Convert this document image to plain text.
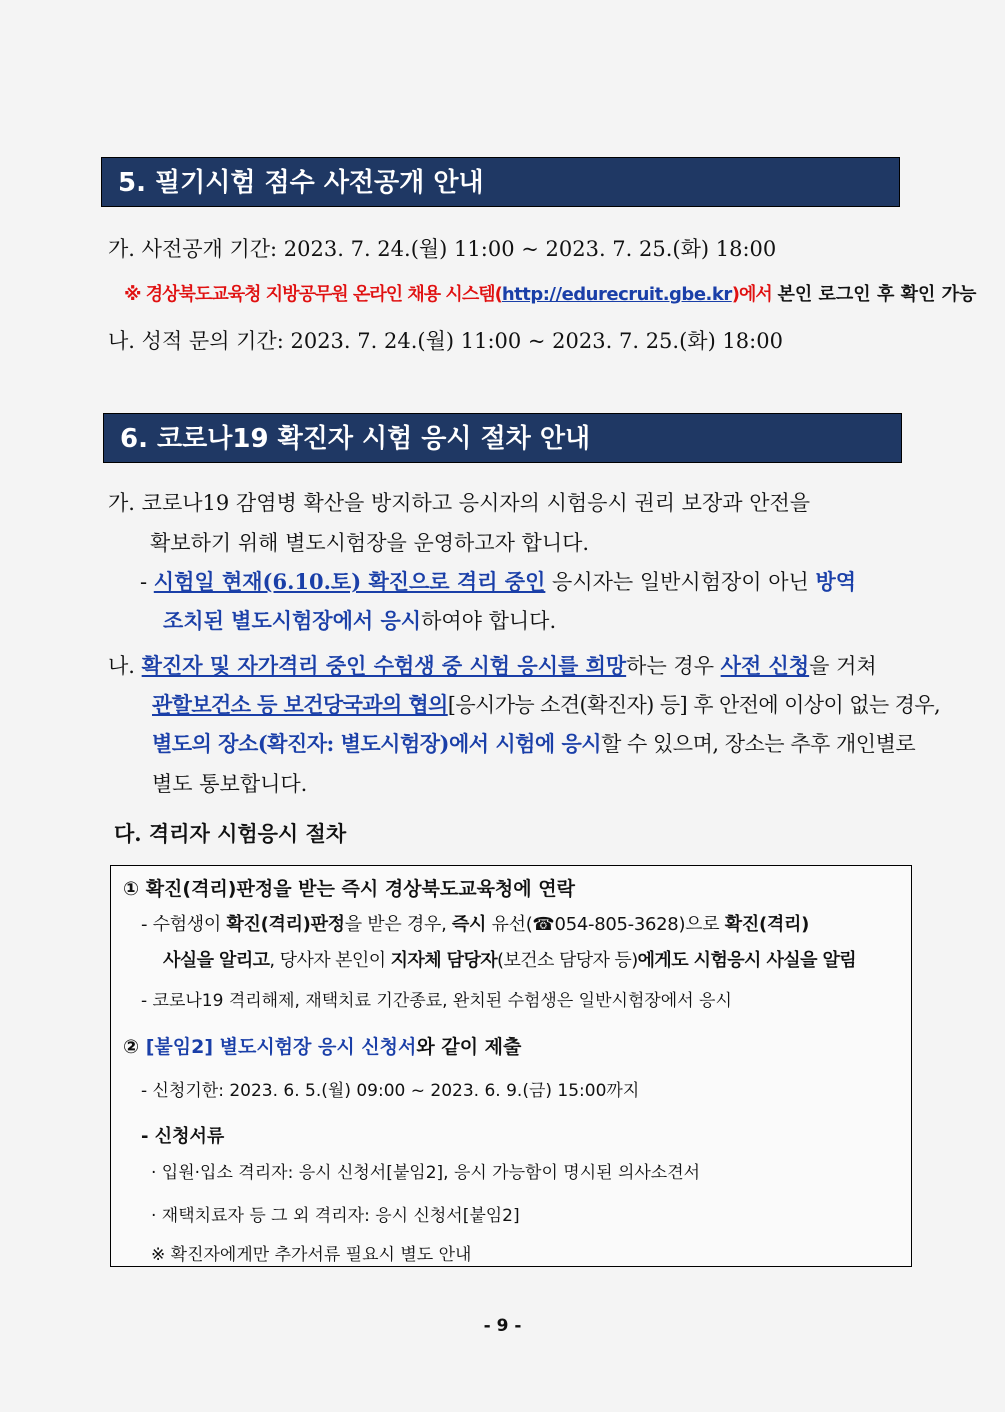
5. 필기시험 점수 사전공개 안내
가. 사전공개 기간: 2023. 7. 24.(월) 11:00 ~ 2023. 7. 25.(화) 18:00
※ 경상북도교육청 지방공무원 온라인 채용 시스템(http://edurecruit.gbe.kr)에서 본인 로그인 후 확인 가능
나. 성적 문의 기간: 2023. 7. 24.(월) 11:00 ~ 2023. 7. 25.(화) 18:00
6. 코로나19 확진자 시험 응시 절차 안내
가. 코로나19 감염병 확산을 방지하고 응시자의 시험응시 권리 보장과 안전을
확보하기 위해 별도시험장을 운영하고자 합니다.
- 시험일 현재(6.10.토) 확진으로 격리 중인 응시자는 일반시험장이 아닌 방역
조치된 별도시험장에서 응시하여야 합니다.
나. 확진자 및 자가격리 중인 수험생 중 시험 응시를 희망하는 경우 사전 신청을 거쳐
관할보건소 등 보건당국과의 협의[응시가능 소견(확진자) 등] 후 안전에 이상이 없는 경우,
별도의 장소(확진자: 별도시험장)에서 시험에 응시할 수 있으며, 장소는 추후 개인별로
별도 통보합니다.
다. 격리자 시험응시 절차
① 확진(격리)판정을 받는 즉시 경상북도교육청에 연락
- 수험생이 확진(격리)판정을 받은 경우, 즉시 유선(☎054-805-3628)으로 확진(격리)
사실을 알리고, 당사자 본인이 지자체 담당자(보건소 담당자 등)에게도 시험응시 사실을 알림
- 코로나19 격리해제, 재택치료 기간종료, 완치된 수험생은 일반시험장에서 응시
② [붙임2] 별도시험장 응시 신청서와 같이 제출
- 신청기한: 2023. 6. 5.(월) 09:00 ~ 2023. 6. 9.(금) 15:00까지
- 신청서류
· 입원·입소 격리자: 응시 신청서[붙임2], 응시 가능함이 명시된 의사소견서
· 재택치료자 등 그 외 격리자: 응시 신청서[붙임2]
※ 확진자에게만 추가서류 필요시 별도 안내
- 9 -
